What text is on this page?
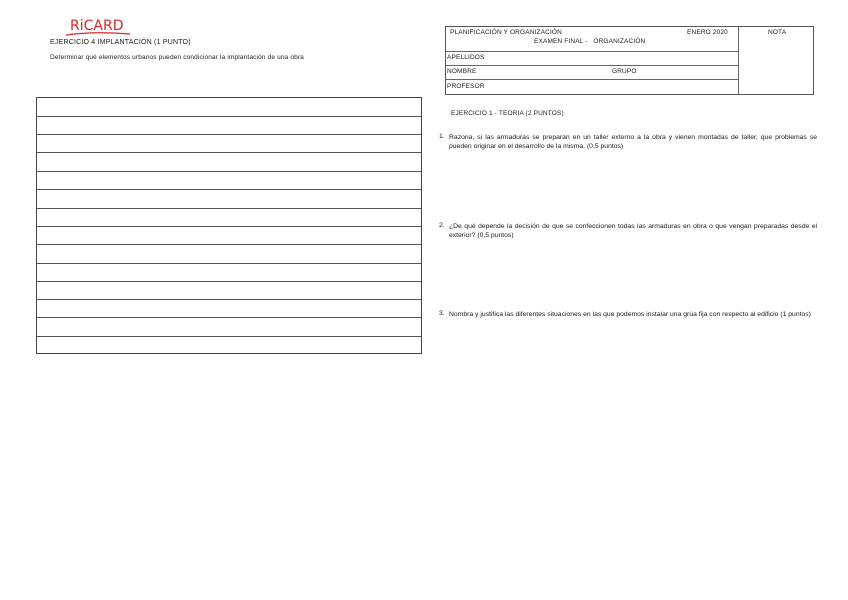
RiCARD
EJERCICIO 4 IMPLANTACIÓN (1 PUNTO)
Determinar qué elementos urbanos pueden condicionar la implantación de una obra
PLANIFICACIÓN Y ORGANIZACIÓN	ENERO 2020	NOTA
EXAMEN FINAL -   ORGANIZACIÓN
APELLIDOS
NOMBRE	GRUPO
PROFESOR
EJERCICIO 1 - TEORIA (2 PUNTOS)
1. Razona, si las armaduras se preparan en un taller externo a la obra y vienen montadas de taller, que problemas se pueden originar en el desarrollo de la misma. (0,5 puntos)
2. ¿De qué depende la decisión de que se confeccionen todas las armaduras en obra o que vengan preparadas desde el exterior? (0,5 puntos)
3. Nombra y justifica las diferentes situaciones en las que podemos instalar una grúa fija con respecto al edificio (1 puntos)
